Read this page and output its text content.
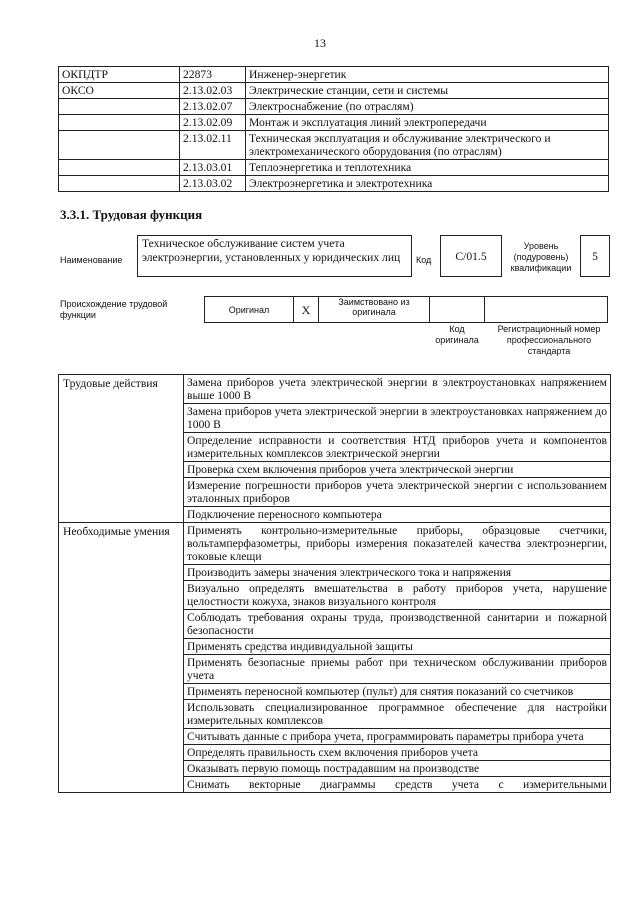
13
ОКПДТР	22873	Инженер-энергетик
ОКСО	2.13.02.03	Электрические станции, сети и системы
	2.13.02.07	Электроснабжение (по отраслям)
	2.13.02.09	Монтаж и эксплуатация линий электропередачи
	2.13.02.11	Техническая эксплуатация и обслуживание электрического и электромеханического оборудования (по отраслям)
	2.13.03.01	Теплоэнергетика и теплотехника
	2.13.03.02	Электроэнергетика и электротехника
3.3.1. Трудовая функция
Наименование
Техническое обслуживание систем учета электроэнергии, установленных у юридических лиц	Код	С/01.5
Уровень (подуровень) квалификации
5
Происхождение трудовой функции
Оригинал	X	Заимствовано из оригинала		
Код оригинала
Регистрационный номер профессионального стандарта
Трудовые действия	Замена приборов учета электрической энергии в электроустановках напряжением выше 1000 В
	Замена приборов учета электрической энергии в электроустановках напряжением до 1000 В
	Определение исправности и соответствия НТД приборов учета и компонентов измерительных комплексов электрической энергии
	Проверка схем включения приборов учета электрической энергии
	Измерение погрешности приборов учета электрической энергии с использованием эталонных приборов
	Подключение переносного компьютера
Необходимые умения	Применять контрольно-измерительные приборы, образцовые счетчики, вольтамперфазометры, приборы измерения показателей качества электроэнергии, токовые клещи
	Производить замеры значения электрического тока и напряжения
	Визуально определять вмешательства в работу приборов учета, нарушение целостности кожуха, знаков визуального контроля
	Соблюдать требования охраны труда, производственной санитарии и пожарной безопасности
	Применять средства индивидуальной защиты
	Применять безопасные приемы работ при техническом обслуживании приборов учета
	Применять переносной компьютер (пульт) для снятия показаний со счетчиков
	Использовать специализированное программное обеспечение для настройки измерительных комплексов
	Считывать данные с прибора учета, программировать параметры прибора учета
	Определять правильность схем включения приборов учета
	Оказывать первую помощь пострадавшим на производстве
	Снимать векторные диаграммы средств учета с измерительными
